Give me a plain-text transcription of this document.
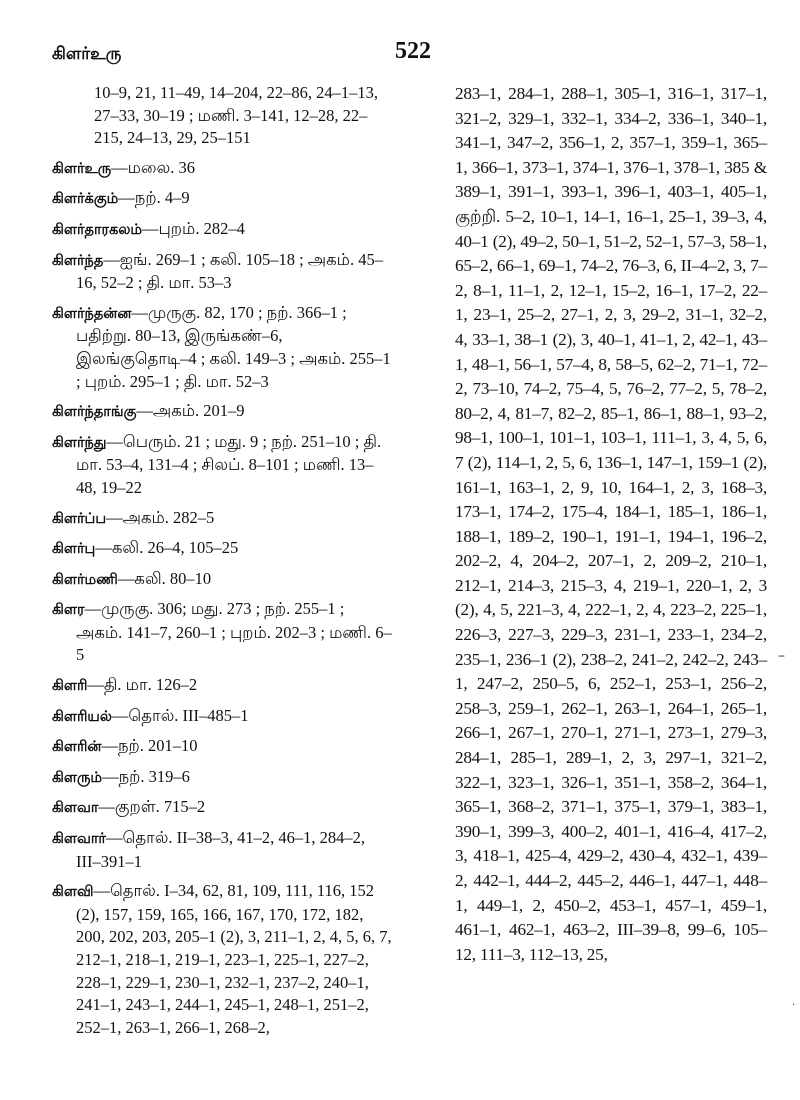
கிளர்உரு	522
10–9, 21, 11–49, 14–204, 22–86, 24–1–13, 27–33, 30–19 ; மணி. 3–141, 12–28, 22–215, 24–13, 29, 25–151
கிளர்உரு—மலை. 36
கிளர்க்கும்—நற். 4–9
கிளர்தாரகலம்—புறம். 282–4
கிளர்ந்த—ஐங். 269–1 ; கலி. 105–18 ; அகம். 45–16, 52–2 ; தி. மா. 53–3
கிளர்ந்தன்ன—முருகு. 82, 170 ; நற். 366–1 ; பதிற்று. 80–13, இருங்கண்–6, இலங்குதொடி–4 ; கலி. 149–3 ; அகம். 255–1 ; புறம். 295–1 ; தி. மா. 52–3
கிளர்ந்தாங்கு—அகம். 201–9
கிளர்ந்து—பெரும். 21 ; மது. 9 ; நற். 251–10 ; தி. மா. 53–4, 131–4 ; சிலப். 8–101 ; மணி. 13–48, 19–22
கிளர்ப்ப—அகம். 282–5
கிளர்பு—கலி. 26–4, 105–25
கிளர்மணி—கலி. 80–10
கிளர—முருகு. 306; மது. 273 ; நற். 255–1 ; அகம். 141–7, 260–1 ; புறம். 202–3 ; மணி. 6–5
கிளரி—தி. மா. 126–2
கிளரியல்—தொல். III–485–1
கிளரின்—நற். 201–10
கிளரும்—நற். 319–6
கிளவா—குறள். 715–2
கிளவார்—தொல். II–38–3, 41–2, 46–1, 284–2, III–391–1
கிளவி—தொல். I–34, 62, 81, 109, 111, 116, 152 (2), 157, 159, 165, 166, 167, 170, 172, 182, 200, 202, 203, 205–1 (2), 3, 211–1, 2, 4, 5, 6, 7, 212–1, 218–1, 219–1, 223–1, 225–1, 227–2, 228–1, 229–1, 230–1, 232–1, 237–2, 240–1, 241–1, 243–1, 244–1, 245–1, 248–1, 251–2, 252–1, 263–1, 266–1, 268–2,
283–1, 284–1, 288–1, 305–1, 316–1, 317–1, 321–2, 329–1, 332–1, 334–2, 336–1, 340–1, 341–1, 347–2, 356–1, 2, 357–1, 359–1, 365–1, 366–1, 373–1, 374–1, 376–1, 378–1, 385 & 389–1, 391–1, 393–1, 396–1, 403–1, 405–1, குற்றி. 5–2, 10–1, 14–1, 16–1, 25–1, 39–3, 4, 40–1 (2), 49–2, 50–1, 51–2, 52–1, 57–3, 58–1, 65–2, 66–1, 69–1, 74–2, 76–3, 6, II–4–2, 3, 7–2, 8–1, 11–1, 2, 12–1, 15–2, 16–1, 17–2, 22–1, 23–1, 25–2, 27–1, 2, 3, 29–2, 31–1, 32–2, 4, 33–1, 38–1 (2), 3, 40–1, 41–1, 2, 42–1, 43–1, 48–1, 56–1, 57–4, 8, 58–5, 62–2, 71–1, 72–2, 73–10, 74–2, 75–4, 5, 76–2, 77–2, 5, 78–2, 80–2, 4, 81–7, 82–2, 85–1, 86–1, 88–1, 93–2, 98–1, 100–1, 101–1, 103–1, 111–1, 3, 4, 5, 6, 7 (2), 114–1, 2, 5, 6, 136–1, 147–1, 159–1 (2), 161–1, 163–1, 2, 9, 10, 164–1, 2, 3, 168–3, 173–1, 174–2, 175–4, 184–1, 185–1, 186–1, 188–1, 189–2, 190–1, 191–1, 194–1, 196–2, 202–2, 4, 204–2, 207–1, 2, 209–2, 210–1, 212–1, 214–3, 215–3, 4, 219–1, 220–1, 2, 3 (2), 4, 5, 221–3, 4, 222–1, 2, 4, 223–2, 225–1, 226–3, 227–3, 229–3, 231–1, 233–1, 234–2, 235–1, 236–1 (2), 238–2, 241–2, 242–2, 243–1, 247–2, 250–5, 6, 252–1, 253–1, 256–2, 258–3, 259–1, 262–1, 263–1, 264–1, 265–1, 266–1, 267–1, 270–1, 271–1, 273–1, 279–3, 284–1, 285–1, 289–1, 2, 3, 297–1, 321–2, 322–1, 323–1, 326–1, 351–1, 358–2, 364–1, 365–1, 368–2, 371–1, 375–1, 379–1, 383–1, 390–1, 399–3, 400–2, 401–1, 416–4, 417–2, 3, 418–1, 425–4, 429–2, 430–4, 432–1, 439–2, 442–1, 444–2, 445–2, 446–1, 447–1, 448–1, 449–1, 2, 450–2, 453–1, 457–1, 459–1, 461–1, 462–1, 463–2, III–39–8, 99–6, 105–12, 111–3, 112–13, 25,
–
·
